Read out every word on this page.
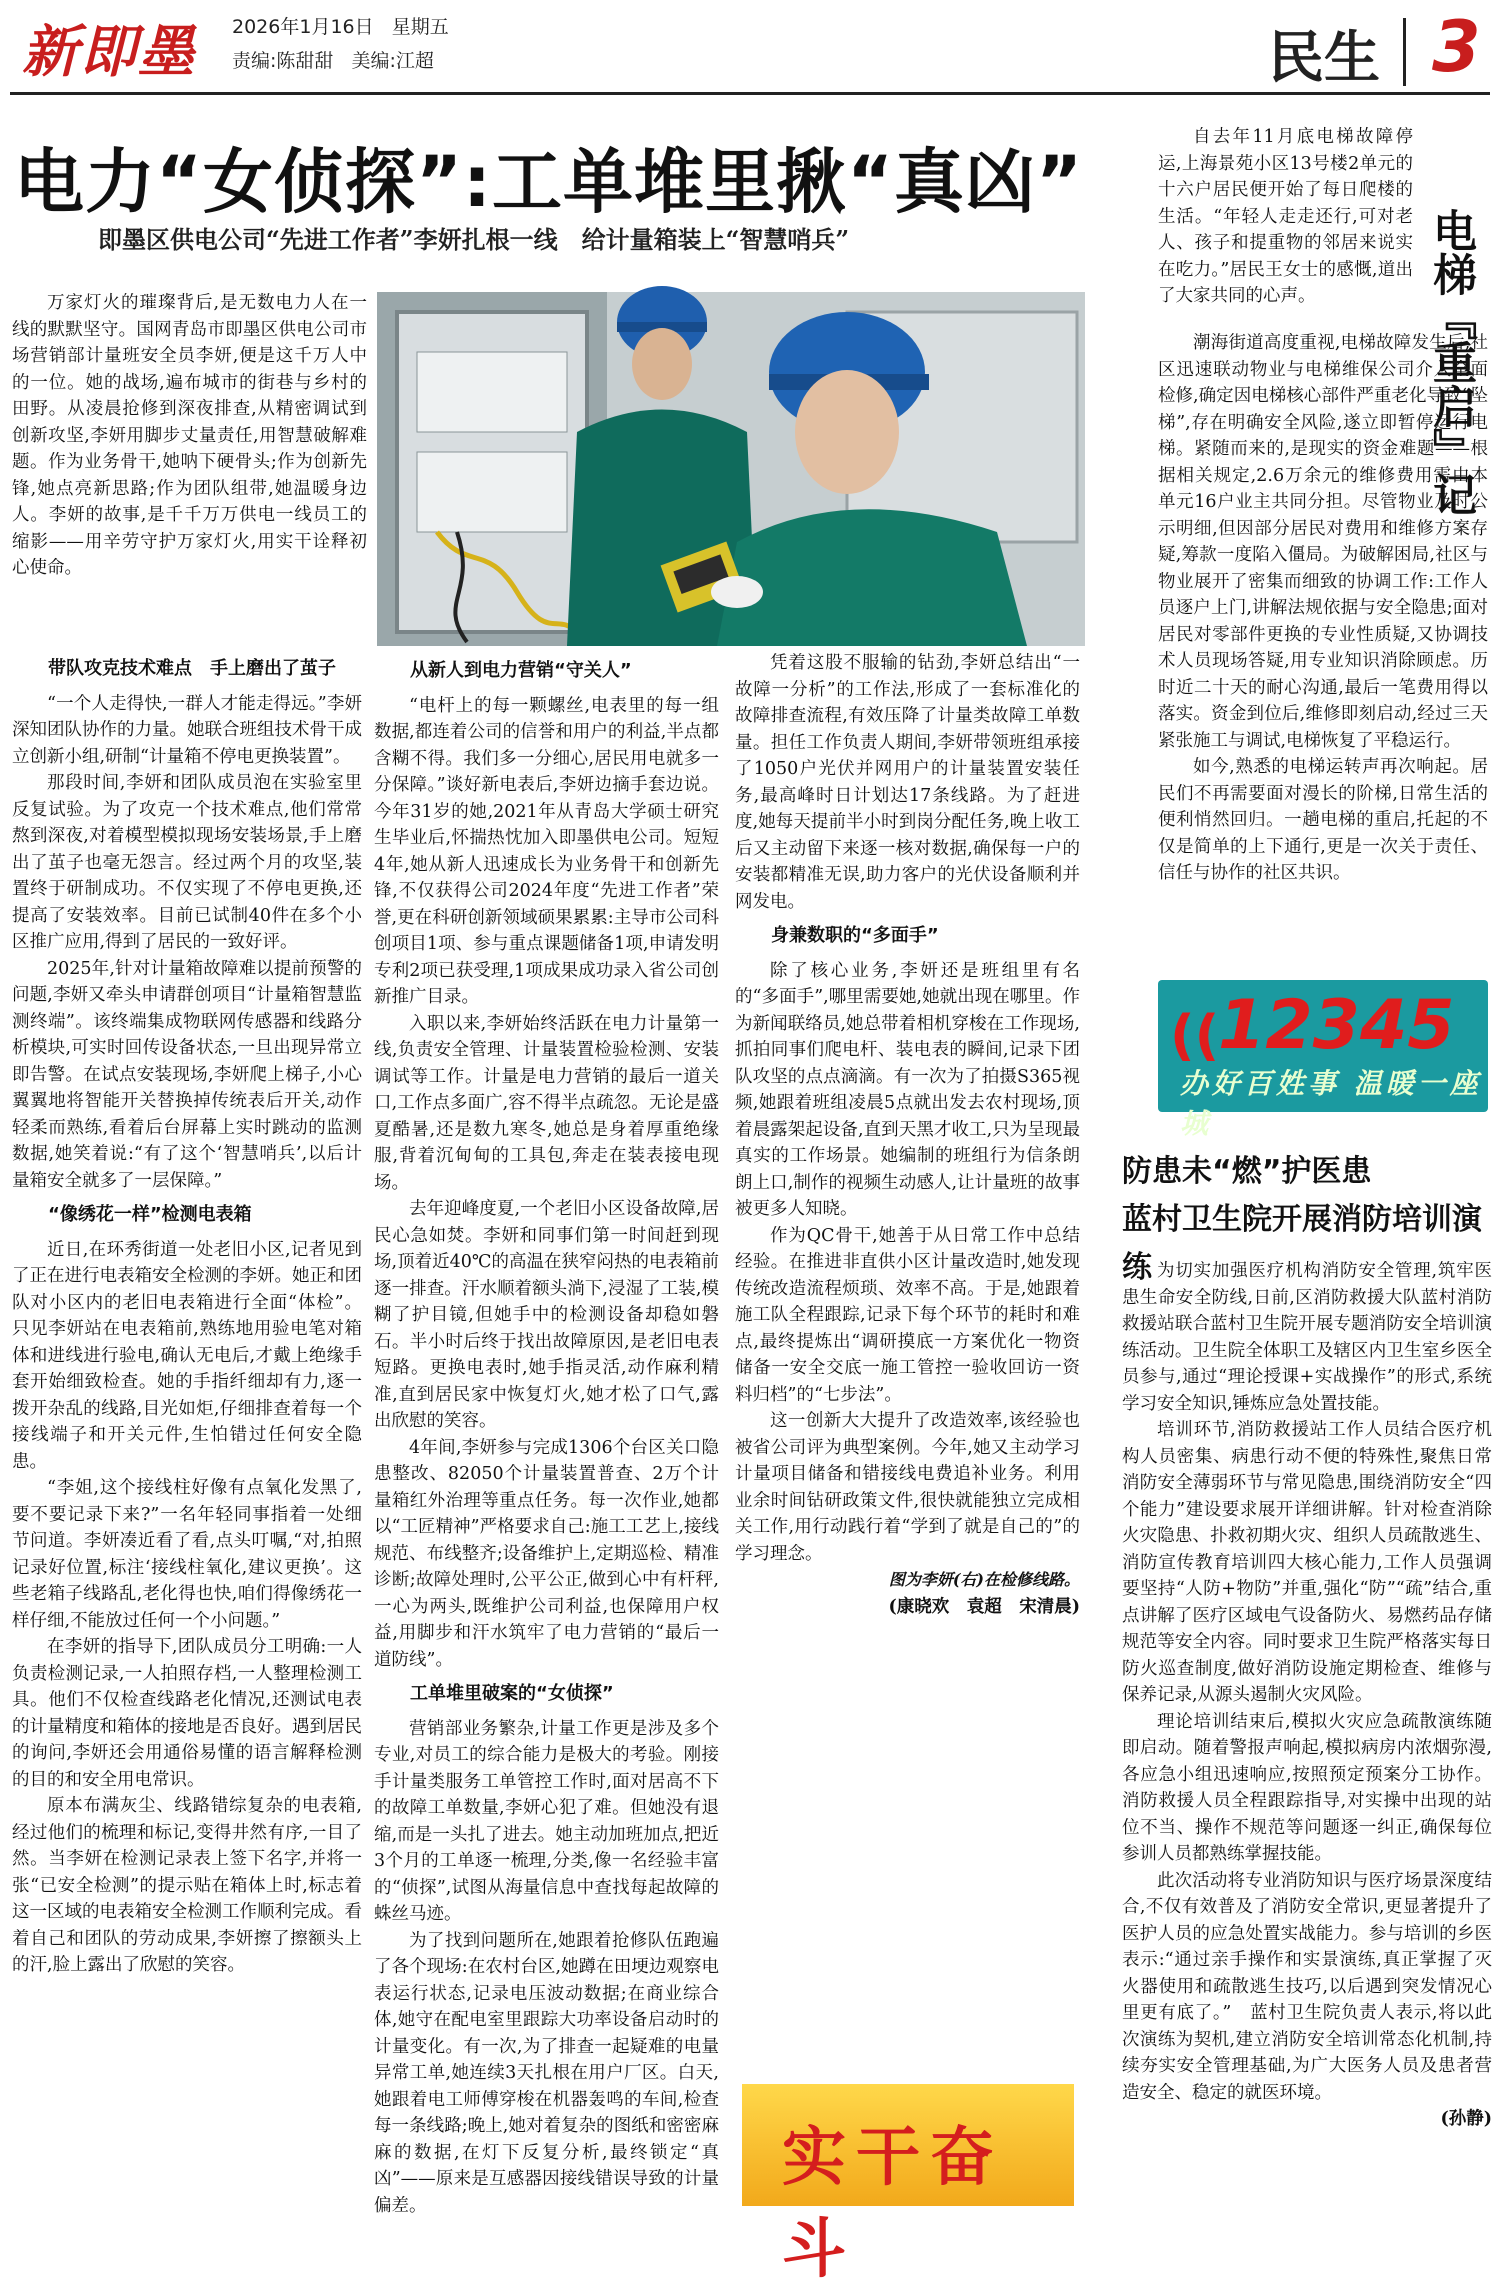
新即墨 2026年1月16日 星期五
责编:陈甜甜 美编:江超	民生 3
电力“女侦探”:工单堆里揪“真凶”
即墨区供电公司“先进工作者”李妍扎根一线　给计量箱装上“智慧哨兵”

万家灯火的璀璨背后,是无数电力人在一线的默默坚守。国网青岛市即墨区供电公司市场营销部计量班安全员李妍,便是这千万人中的一位。她的战场,遍布城市的街巷与乡村的田野。从凌晨抢修到深夜排查,从精密调试到创新攻坚,李妍用脚步丈量责任,用智慧破解难题。作为业务骨干,她呐下硬骨头;作为创新先锋,她点亮新思路;作为团队组带,她温暖身边人。李妍的故事,是千千万万供电一线员工的缩影——用辛劳守护万家灯火,用实干诠释初心使命。

带队攻克技术难点　手上磨出了茧子

“一个人走得快,一群人才能走得远。”李妍深知团队协作的力量。她联合班组技术骨干成立创新小组,研制“计量箱不停电更换装置”。

那段时间,李妍和团队成员泡在实验室里反复试验。为了攻克一个技术难点,他们常常熬到深夜,对着模型模拟现场安装场景,手上磨出了茧子也毫无怨言。经过两个月的攻坚,装置终于研制成功。不仅实现了不停电更换,还提高了安装效率。目前已试制40件在多个小区推广应用,得到了居民的一致好评。

2025年,针对计量箱故障难以提前预警的问题,李妍又牵头申请群创项目“计量箱智慧监测终端”。该终端集成物联网传感器和线路分析模块,可实时回传设备状态,一旦出现异常立即告警。在试点安装现场,李妍爬上梯子,小心翼翼地将智能开关替换掉传统表后开关,动作轻柔而熟练,看着后台屏幕上实时跳动的监测数据,她笑着说:“有了这个‘智慧哨兵’,以后计量箱安全就多了一层保障。”

“像绣花一样”检测电表箱

近日,在环秀街道一处老旧小区,记者见到了正在进行电表箱安全检测的李妍。她正和团队对小区内的老旧电表箱进行全面“体检”。只见李妍站在电表箱前,熟练地用验电笔对箱体和进线进行验电,确认无电后,才戴上绝缘手套开始细致检查。她的手指纤细却有力,逐一拨开杂乱的线路,目光如炬,仔细排查着每一个接线端子和开关元件,生怕错过任何安全隐患。

“李姐,这个接线柱好像有点氧化发黑了,要不要记录下来?”一名年轻同事指着一处细节问道。李妍凑近看了看,点头叮嘱,“对,拍照记录好位置,标注‘接线柱氧化,建议更换’。这些老箱子线路乱,老化得也快,咱们得像绣花一样仔细,不能放过任何一个小问题。”

在李妍的指导下,团队成员分工明确:一人负责检测记录,一人拍照存档,一人整理检测工具。他们不仅检查线路老化情况,还测试电表的计量精度和箱体的接地是否良好。遇到居民的询问,李妍还会用通俗易懂的语言解释检测的目的和安全用电常识。

原本布满灰尘、线路错综复杂的电表箱,经过他们的梳理和标记,变得井然有序,一目了然。当李妍在检测记录表上签下名字,并将一张“已安全检测”的提示贴在箱体上时,标志着这一区域的电表箱安全检测工作顺利完成。看着自己和团队的劳动成果,李妍擦了擦额头上的汗,脸上露出了欣慰的笑容。

从新人到电力营销“守关人”

“电杆上的每一颗螺丝,电表里的每一组数据,都连着公司的信誉和用户的利益,半点都含糊不得。我们多一分细心,居民用电就多一分保障。”谈好新电表后,李妍边摘手套边说。今年31岁的她,2021年从青岛大学硕士研究生毕业后,怀揣热忱加入即墨供电公司。短短4年,她从新人迅速成长为业务骨干和创新先锋,不仅获得公司2024年度“先进工作者”荣誉,更在科研创新领域硕果累累:主导市公司科创项目1项、参与重点课题储备1项,申请发明专利2项已获受理,1项成果成功录入省公司创新推广目录。

入职以来,李妍始终活跃在电力计量第一线,负责安全管理、计量装置检验检测、安装调试等工作。计量是电力营销的最后一道关口,工作点多面广,容不得半点疏忽。无论是盛夏酷暑,还是数九寒冬,她总是身着厚重绝缘服,背着沉甸甸的工具包,奔走在装表接电现场。

去年迎峰度夏,一个老旧小区设备故障,居民心急如焚。李妍和同事们第一时间赶到现场,顶着近40℃的高温在狭窄闷热的电表箱前逐一排查。汗水顺着额头淌下,浸湿了工装,模糊了护目镜,但她手中的检测设备却稳如磐石。半小时后终于找出故障原因,是老旧电表短路。更换电表时,她手指灵活,动作麻利精准,直到居民家中恢复灯火,她才松了口气,露出欣慰的笑容。

4年间,李妍参与完成1306个台区关口隐患整改、82050个计量装置普查、2万个计量箱红外治理等重点任务。每一次作业,她都以“工匠精神”严格要求自己:施工工艺上,接线规范、布线整齐;设备维护上,定期巡检、精准诊断;故障处理时,公平公正,做到心中有杆秤,一心为两头,既维护公司利益,也保障用户权益,用脚步和汗水筑牢了电力营销的“最后一道防线”。

工单堆里破案的“女侦探”

营销部业务繁杂,计量工作更是涉及多个专业,对员工的综合能力是极大的考验。刚接手计量类服务工单管控工作时,面对居高不下的故障工单数量,李妍心犯了难。但她没有退缩,而是一头扎了进去。她主动加班加点,把近3个月的工单逐一梳理,分类,像一名经验丰富的“侦探”,试图从海量信息中查找每起故障的蛛丝马迹。

为了找到问题所在,她跟着抢修队伍跑遍了各个现场:在农村台区,她蹲在田埂边观察电表运行状态,记录电压波动数据;在商业综合体,她守在配电室里跟踪大功率设备启动时的计量变化。有一次,为了排查一起疑难的电量异常工单,她连续3天扎根在用户厂区。白天,她跟着电工师傅穿梭在机器轰鸣的车间,检查每一条线路;晚上,她对着复杂的图纸和密密麻麻的数据,在灯下反复分析,最终锁定“真凶”——原来是互感器因接线错误导致的计量偏差。

凭着这股不服输的钻劲,李妍总结出“一故障一分析”的工作法,形成了一套标准化的故障排查流程,有效压降了计量类故障工单数量。担任工作负责人期间,李妍带领班组承接了1050户光伏并网用户的计量装置安装任务,最高峰时日计划达17条线路。为了赶进度,她每天提前半小时到岗分配任务,晚上收工后又主动留下来逐一核对数据,确保每一户的安装都精准无误,助力客户的光伏设备顺利并网发电。

身兼数职的“多面手”

除了核心业务,李妍还是班组里有名的“多面手”,哪里需要她,她就出现在哪里。作为新闻联络员,她总带着相机穿梭在工作现场,抓拍同事们爬电杆、装电表的瞬间,记录下团队攻坚的点点滴滴。有一次为了拍摄S365视频,她跟着班组凌晨5点就出发去农村现场,顶着晨露架起设备,直到天黑才收工,只为呈现最真实的工作场景。她编制的班组行为信条朗朗上口,制作的视频生动感人,让计量班的故事被更多人知晓。

作为QC骨干,她善于从日常工作中总结经验。在推进非直供小区计量改造时,她发现传统改造流程烦琐、效率不高。于是,她跟着施工队全程跟踪,记录下每个环节的耗时和难点,最终提炼出“调研摸底一方案优化一物资储备一安全交底一施工管控一验收回访一资料归档”的“七步法”。

这一创新大大提升了改造效率,该经验也被省公司评为典型案例。今年,她又主动学习计量项目储备和错接线电费追补业务。利用业余时间钻研政策文件,很快就能独立完成相关工作,用行动践行着“学到了就是自己的”的学习理念。

图为李妍(右)在检修线路。

(康晓欢　袁超　宋清晨)

实干奋斗

自去年11月底电梯故障停运,上海景苑小区13号楼2单元的十六户居民便开始了每日爬楼的生活。“年轻人走走还行,可对老人、孩子和提重物的邻居来说实在吃力。”居民王女士的感慨,道出了大家共同的心声。	电梯『重启』记

潮海街道高度重视,电梯故障发生后,社区迅速联动物业与电梯维保公司介入全面检修,确定因电梯核心部件严重老化导致“坠梯”,存在明确安全风险,遂立即暂停运行电梯。紧随而来的,是现实的资金难题——根据相关规定,2.6万余元的维修费用需由本单元16户业主共同分担。尽管物业及时公示明细,但因部分居民对费用和维修方案存疑,筹款一度陷入僵局。为破解困局,社区与物业展开了密集而细致的协调工作:工作人员逐户上门,讲解法规依据与安全隐患;面对居民对零部件更换的专业性质疑,又协调技术人员现场答疑,用专业知识消除顾虑。历时近二十天的耐心沟通,最后一笔费用得以落实。资金到位后,维修即刻启动,经过三天紧张施工与调试,电梯恢复了平稳运行。

如今,熟悉的电梯运转声再次响起。居民们不再需要面对漫长的阶梯,日常生活的便利悄然回归。一趟电梯的重启,托起的不仅是简单的上下通行,更是一次关于责任、信任与协作的社区共识。

((
12345
办好百姓事 温暖一座城
防患未“燃”护医患
蓝村卫生院开展消防培训演练 为切实加强医疗机构消防安全管理,筑牢医患生命安全防线,日前,区消防救援大队蓝村消防救援站联合蓝村卫生院开展专题消防安全培训演练活动。卫生院全体职工及辖区内卫生室乡医全员参与,通过“理论授课+实战操作”的形式,系统学习安全知识,锤炼应急处置技能。

培训环节,消防救援站工作人员结合医疗机构人员密集、病患行动不便的特殊性,聚焦日常消防安全薄弱环节与常见隐患,围绕消防安全“四个能力”建设要求展开详细讲解。针对检查消除火灾隐患、扑救初期火灾、组织人员疏散逃生、消防宣传教育培训四大核心能力,工作人员强调要坚持“人防+物防”并重,强化“防”“疏”结合,重点讲解了医疗区域电气设备防火、易燃药品存储规范等安全内容。同时要求卫生院严格落实每日防火巡查制度,做好消防设施定期检查、维修与保养记录,从源头遏制火灾风险。

理论培训结束后,模拟火灾应急疏散演练随即启动。随着警报声响起,模拟病房内浓烟弥漫,各应急小组迅速响应,按照预定预案分工协作。消防救援人员全程跟踪指导,对实操中出现的站位不当、操作不规范等问题逐一纠正,确保每位参训人员都熟练掌握技能。

此次活动将专业消防知识与医疗场景深度结合,不仅有效普及了消防安全常识,更显著提升了医护人员的应急处置实战能力。参与培训的乡医表示:“通过亲手操作和实景演练,真正掌握了灭火器使用和疏散逃生技巧,以后遇到突发情况心里更有底了。”　蓝村卫生院负责人表示,将以此次演练为契机,建立消防安全培训常态化机制,持续夯实安全管理基础,为广大医务人员及患者营造安全、稳定的就医环境。

(孙静)
